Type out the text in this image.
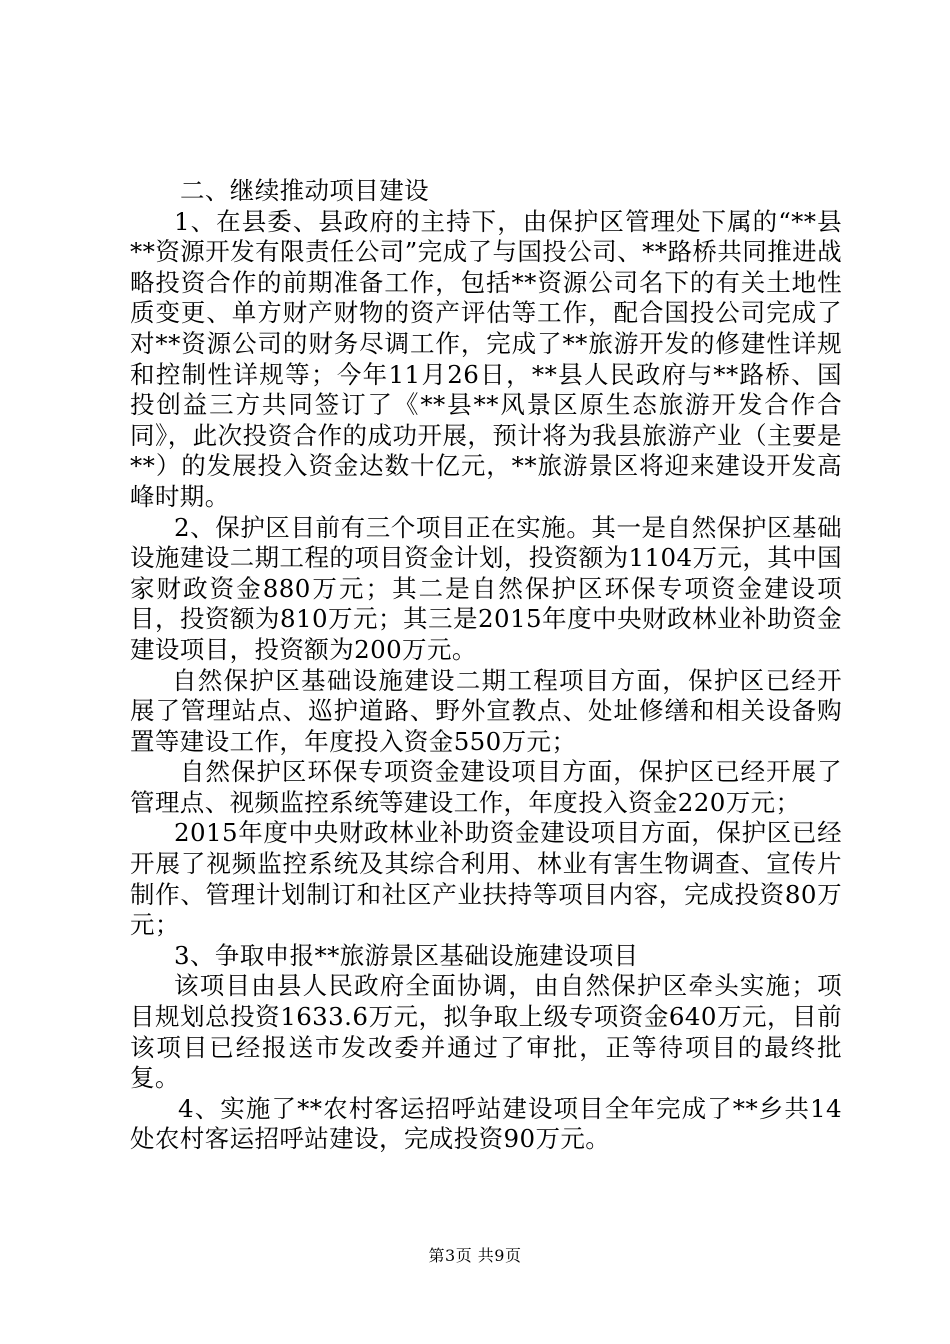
二、继续推动项目建设

1、在县委、县政府的主持下，由保护区管理处下属的“**县**资源开发有限责任公司”完成了与国投公司、**路桥共同推进战略投资合作的前期准备工作，包括**资源公司名下的有关土地性质变更、单方财产财物的资产评估等工作，配合国投公司完成了对**资源公司的财务尽调工作，完成了**旅游开发的修建性详规和控制性详规等；今年11月26日，**县人民政府与**路桥、国投创益三方共同签订了《**县**风景区原生态旅游开发合作合同》，此次投资合作的成功开展，预计将为我县旅游产业（主要是**）的发展投入资金达数十亿元，**旅游景区将迎来建设开发高峰时期。

2、保护区目前有三个项目正在实施。其一是自然保护区基础设施建设二期工程的项目资金计划，投资额为1104万元，其中国家财政资金880万元；其二是自然保护区环保专项资金建设项目，投资额为810万元；其三是2015年度中央财政林业补助资金建设项目，投资额为200万元。

自然保护区基础设施建设二期工程项目方面，保护区已经开展了管理站点、巡护道路、野外宣教点、处址修缮和相关设备购置等建设工作，年度投入资金550万元；

自然保护区环保专项资金建设项目方面，保护区已经开展了管理点、视频监控系统等建设工作，年度投入资金220万元；

2015年度中央财政林业补助资金建设项目方面，保护区已经开展了视频监控系统及其综合利用、林业有害生物调查、宣传片制作、管理计划制订和社区产业扶持等项目内容，完成投资80万元；

3、争取申报**旅游景区基础设施建设项目

该项目由县人民政府全面协调，由自然保护区牵头实施；项目规划总投资1633.6万元，拟争取上级专项资金640万元，目前该项目已经报送市发改委并通过了审批，正等待项目的最终批复。

4、实施了**农村客运招呼站建设项目全年完成了**乡共14处农村客运招呼站建设，完成投资90万元。

第3页 共9页
